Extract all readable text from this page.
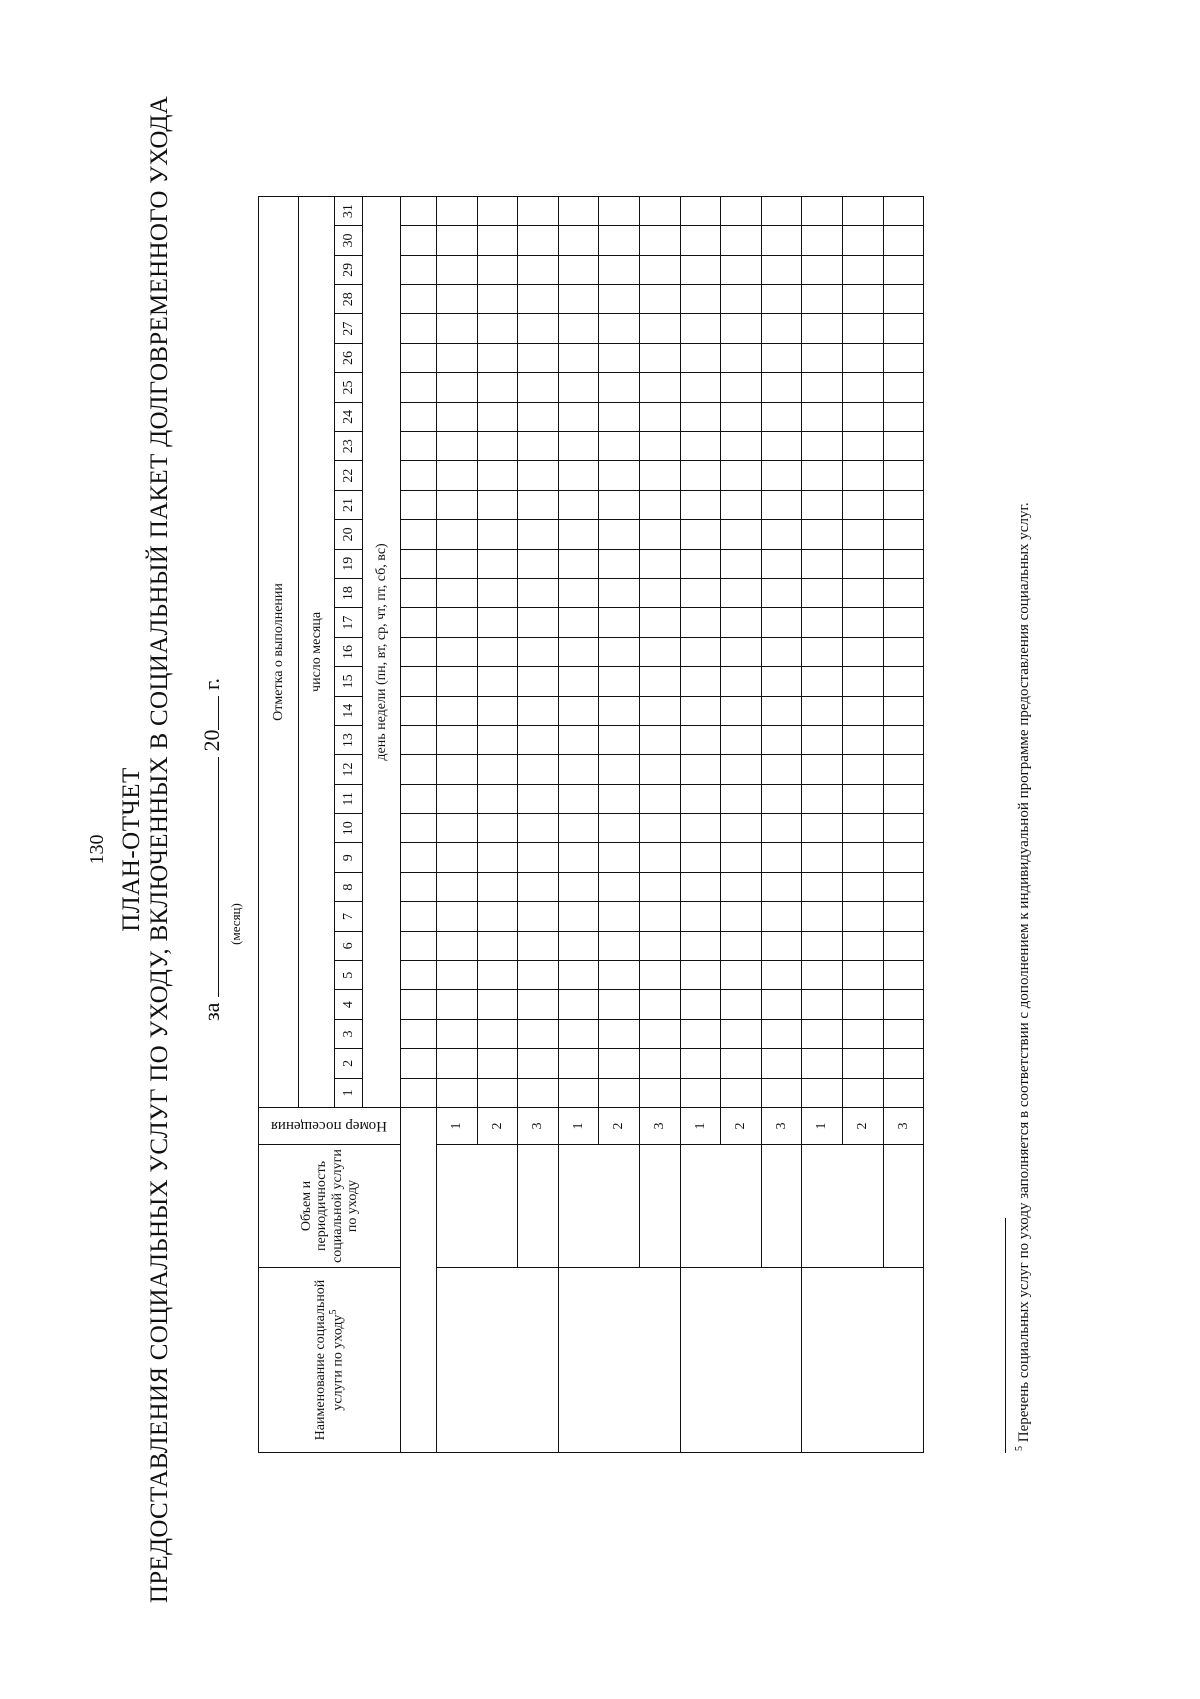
130 ПЛАН-ОТЧЕТ ПРЕДОСТАВЛЕНИЯ СОЦИАЛЬНЫХ УСЛУГ ПО УХОДУ, ВКЛЮЧЕННЫХ В СОЦИАЛЬНЫЙ ПАКЕТ ДОЛГОВРЕМЕННОГО УХОДА за  20 г.
(месяц)
Наименование социальной услуги по уходу$^5$	Объем и периодичность социальной услуги по уходу	Номер посещения	Отметка о выполнении																														
			число месяца																														
			1	2	3	4	5	6	7	8	9	10	11	12	13	14	15	16	17	18	19	20	21	22	23	24	25	26	27	28	29	30	31
			день недели (пн, вт, ср, чт, пт, сб, вс)																														

		1																															
		2																															
		3																															
		1																															
		2																															
		3																															
		1																															
		2																															
		3																															
		1																															
		2																															
		3																															
$^5$ Перечень социальных услуг по уходу заполняется в соответствии с дополнением к индивидуальной программе предоставления социальных услуг.
